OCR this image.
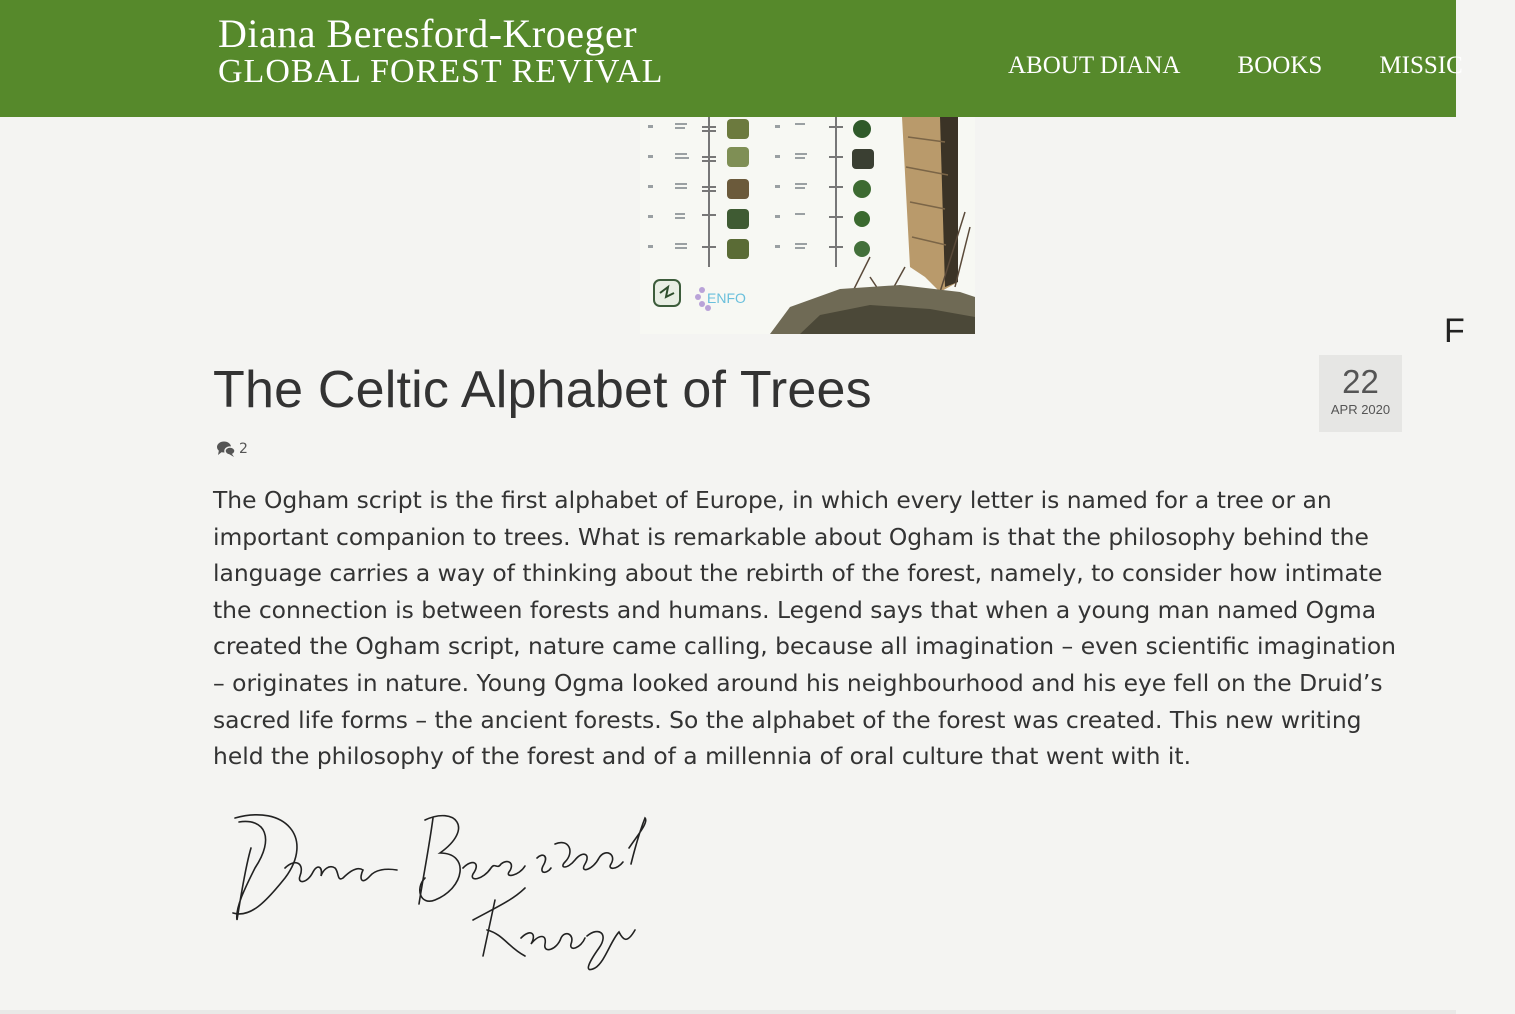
Diana Beresford-Kroeger
GLOBAL FOREST REVIVAL	ABOUT DIANA BOOKS MISSIC
ENFO
F
The Celtic Alphabet of Trees	22
APR 2020
2

The Ogham script is the first alphabet of Europe, in which every letter is named for a tree or an important companion to trees. What is remarkable about Ogham is that the philosophy behind the language carries a way of thinking about the rebirth of the forest, namely, to consider how intimate the connection is between forests and humans. Legend says that when a young man named Ogma created the Ogham script, nature came calling, because all imagination – even scientific imagination – originates in nature. Young Ogma looked around his neighbourhood and his eye fell on the Druid’s sacred life forms – the ancient forests. So the alphabet of the forest was created. This new writing held the philosophy of the forest and of a millennia of oral culture that went with it.
